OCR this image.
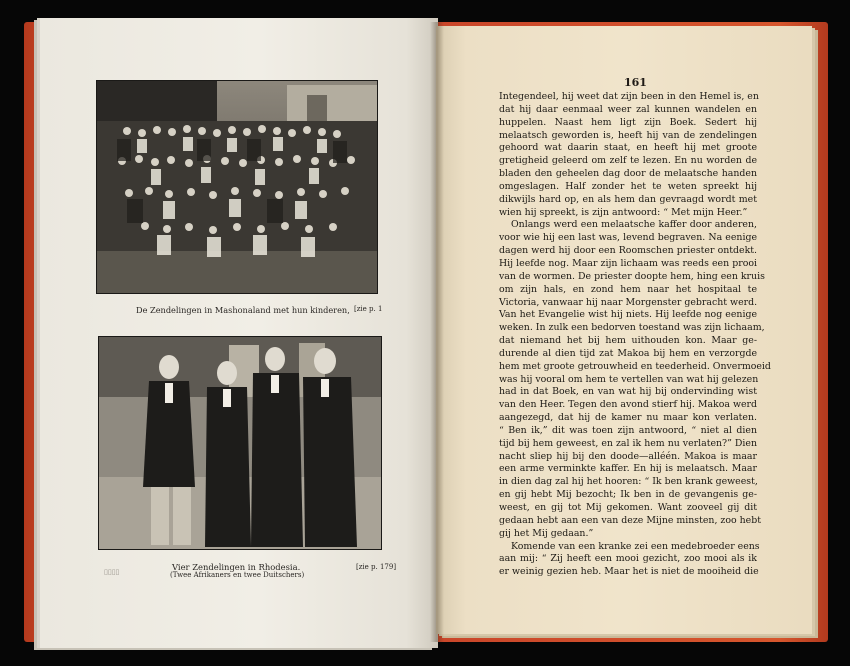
De Zendelingen in Mashonaland met hun kinderen, [zie p. 1
▯▯▯▯	Vier Zendelingen in Rhodesia.
(Twee Afrikaners en twee Duitschers)
[zie p. 179]
161
Integendeel, hij weet dat zijn been in den Hemel is, en
dat hij daar eenmaal weer zal kunnen wandelen en
huppelen. Naast hem ligt zijn Boek. Sedert hij
melaatsch geworden is, heeft hij van de zendelingen
gehoord wat daarin staat, en heeft hij met groote
gretigheid geleerd om zelf te lezen. En nu worden de
bladen den geheelen dag door de melaatsche handen
omgeslagen. Half zonder het te weten spreekt hij
dikwijls hard op, en als hem dan gevraagd wordt met
wien hij spreekt, is zijn antwoord: “ Met mijn Heer.”
Onlangs werd een melaatsche kaffer door anderen,
voor wie hij een last was, levend begraven. Na eenige
dagen werd hij door een Roomschen priester ontdekt.
Hij leefde nog. Maar zijn lichaam was reeds een prooi
van de wormen. De priester doopte hem, hing een kruis
om zijn hals, en zond hem naar het hospitaal te
Victoria, vanwaar hij naar Morgenster gebracht werd.
Van het Evangelie wist hij niets. Hij leefde nog eenige
weken. In zulk een bedorven toestand was zijn lichaam,
dat niemand het bij hem uithouden kon. Maar ge-
durende al dien tijd zat Makoa bij hem en verzorgde
hem met groote getrouwheid en teederheid. Onvermoeid
was hij vooral om hem te vertellen van wat hij gelezen
had in dat Boek, en van wat hij bij ondervinding wist
van den Heer. Tegen den avond stierf hij. Makoa werd
aangezegd, dat hij de kamer nu maar kon verlaten.
“ Ben ik,” dit was toen zijn antwoord, “ niet al dien
tijd bij hem geweest, en zal ik hem nu verlaten?” Dien
nacht sliep hij bij den doode—alléén. Makoa is maar
een arme verminkte kaffer. En hij is melaatsch. Maar
in dien dag zal hij het hooren: “ Ik ben krank geweest,
en gij hebt Mij bezocht; Ik ben in de gevangenis ge-
weest, en gij tot Mij gekomen. Want zooveel gij dit
gedaan hebt aan een van deze Mijne minsten, zoo hebt
gij het Mij gedaan.”
Komende van een kranke zei een medebroeder eens
aan mij: “ Zij heeft een mooi gezicht, zoo mooi als ik
er weinig gezien heb. Maar het is niet de mooiheid die
